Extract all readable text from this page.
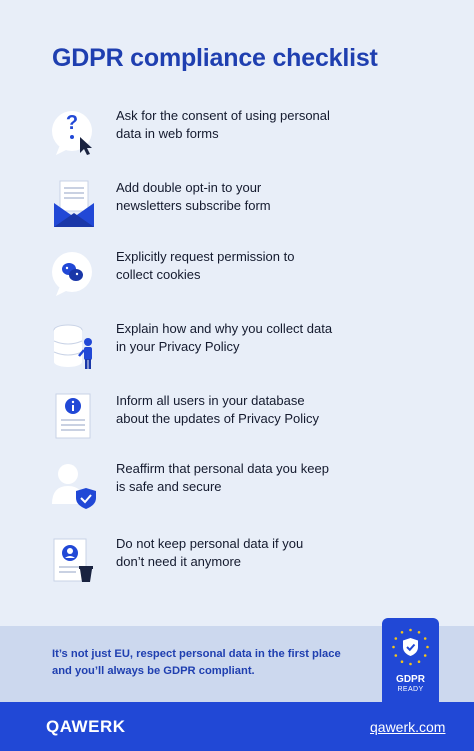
GDPR compliance checklist
?	Ask for the consent of using personal
data in web forms
Add double opt-in to your
newsletters subscribe form
Explicitly request permission to
collect cookies
Explain how and why you collect data
in your Privacy Policy
Inform all users in your database
about the updates of Privacy Policy
Reaffirm that personal data you keep
is safe and secure
Do not keep personal data if you
don’t need it anymore
It’s not just EU, respect personal data in the first place
and you’ll always be GDPR compliant.
GDPR
READY
QAWERK	qawerk.com
